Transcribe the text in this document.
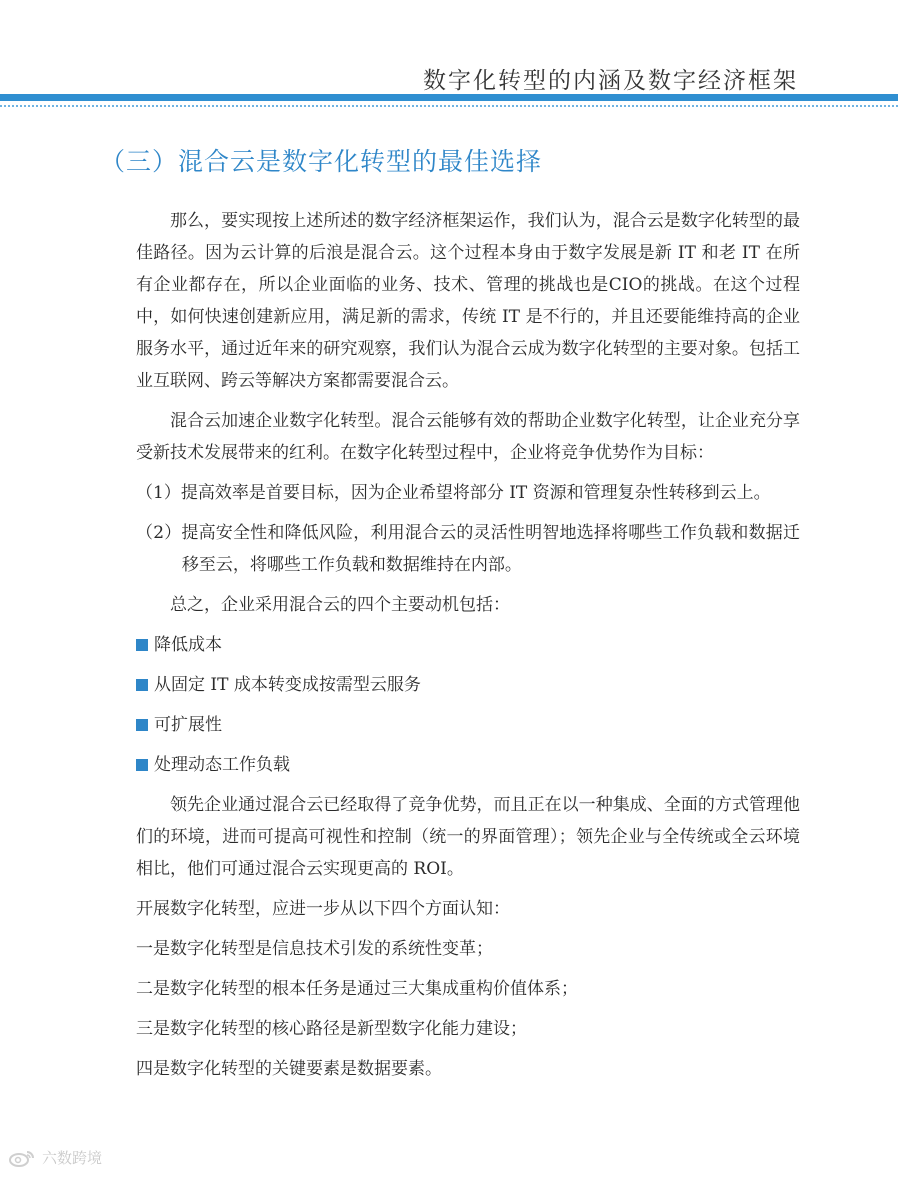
数字化转型的内涵及数字经济框架
（三）混合云是数字化转型的最佳选择

那么，要实现按上述所述的数字经济框架运作，我们认为，混合云是数字化转型的最佳路径。因为云计算的后浪是混合云。这个过程本身由于数字发展是新 IT 和老 IT 在所有企业都存在，所以企业面临的业务、技术、管理的挑战也是CIO的挑战。在这个过程中，如何快速创建新应用，满足新的需求，传统 IT 是不行的，并且还要能维持高的企业服务水平，通过近年来的研究观察，我们认为混合云成为数字化转型的主要对象。包括工业互联网、跨云等解决方案都需要混合云。

混合云加速企业数字化转型。混合云能够有效的帮助企业数字化转型，让企业充分享受新技术发展带来的红利。在数字化转型过程中，企业将竞争优势作为目标：

（1）提高效率是首要目标，因为企业希望将部分 IT 资源和管理复杂性转移到云上。

（2）提高安全性和降低风险，利用混合云的灵活性明智地选择将哪些工作负载和数据迁移至云，将哪些工作负载和数据维持在内部。

总之，企业采用混合云的四个主要动机包括：

降低成本
从固定 IT 成本转变成按需型云服务
可扩展性
处理动态工作负载

领先企业通过混合云已经取得了竞争优势，而且正在以一种集成、全面的方式管理他们的环境，进而可提高可视性和控制（统一的界面管理）；领先企业与全传统或全云环境相比，他们可通过混合云实现更高的 ROI。

开展数字化转型，应进一步从以下四个方面认知：

一是数字化转型是信息技术引发的系统性变革；

二是数字化转型的根本任务是通过三大集成重构价值体系；

三是数字化转型的核心路径是新型数字化能力建设；

四是数字化转型的关键要素是数据要素。

六数跨境
